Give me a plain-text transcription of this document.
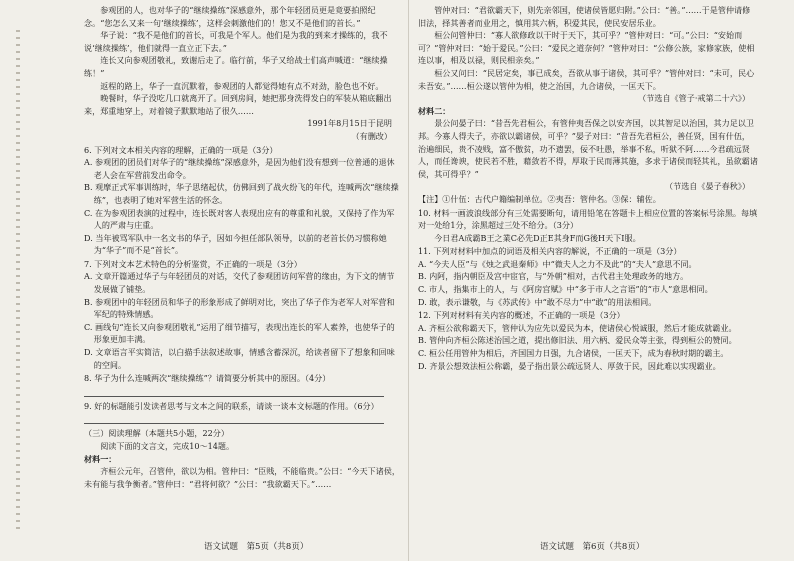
参观团的人，也对华子的“继续操练”深感意外，那个年轻团员更是竟要拍照纪念。“您怎么又来一句‘继续操练’，这样会刺激他们的！您又不是他们的首长。”

华子说：“我不是他们的首长，可我是个军人。他们是为我的到来才操练的，我不说‘继续操练’，他们就得一直立正下去。”

连长又向参观团敬礼，致谢后走了。临行前，华子又给战士们高声喊道：“继续操练！”

返程的路上，华子一直沉默着，参观团的人都觉得她有点不对劲，脸色也不好。

晚餐时，华子没吃几口就离开了。回到房间，她把那身洗得发白的军装从箱底翻出来，郑重地穿上，对着镜子默默地站了很久……

1991年8月15日于昆明

（有删改）

6. 下列对文本相关内容的理解，正确的一项是（3分）

A. 参观团的团员们对华子的“继续操练”深感意外，是因为他们没有想到一位普通的退休老人会在军营前发出命令。

B. 观摩正式军事训练时，华子思绪起伏，仿佛回到了战火纷飞的年代，连喊两次“继续操练”，也表明了她对军营生活的怀念。

C. 在为参观团表演的过程中，连长既对客人表现出应有的尊重和礼貌，又保持了作为军人的严肃与庄重。

D. 当年被骂军队中一名文书的华子，因如今担任部队领导，以前的老首长仍习惯称她为“华子”而不是“首长”。

7. 下列对文本艺术特色的分析鉴赏，不正确的一项是（3分）

A. 文章开篇通过华子与年轻团员的对话，交代了参观团访问军营的缘由，为下文的情节发展做了铺垫。

B. 参观团中的年轻团员和华子的形象形成了鲜明对比，突出了华子作为老军人对军营和军纪的特殊情感。

C. 画线句“连长又向参观团敬礼”运用了细节描写，表现出连长的军人素养，也使华子的形象更加丰满。

D. 文章语言平实简洁，以白描手法叙述故事，情感含蓄深沉，给读者留下了想象和回味的空间。

8. 华子为什么连喊两次“继续操练”？请简要分析其中的原因。（4分）

9. 好的标题能引发读者思考与文本之间的联系，请谈一谈本文标题的作用。（6分）

（三）阅读理解（本题共5小题，22分）

阅读下面的文言文，完成10～14题。

材料一：

齐桓公元年，召管仲，欲以为相。管仲曰：“臣贱，不能临贵。”公曰：“今天下诸侯，未有能与我争衡者。”管仲曰：“君将何欲？”公曰：“我欲霸天下。”……

管仲对曰：“君欲霸天下，则先亲邻国，使诸侯皆愿归附。”公曰：“善。”……于是管仲请修旧法，择其善者而业用之，慎用其六柄，积爱其民，使民安居乐业。

桓公问管仲曰：“寡人欲修政以干时于天下，其可乎？”管仲对曰：“可。”公曰：“安始而可？”管仲对曰：“始于爱民。”公曰：“爱民之道奈何？”管仲对曰：“公修公族，家修家族，使相连以事，相及以禄，则民相亲矣。”

桓公又问曰：“民居定矣，事已成矣，吾欲从事于诸侯，其可乎？”管仲对曰：“未可，民心未吾安。”……桓公遂以管仲为相，使之治国，九合诸侯，一匡天下。

（节选自《管子·戒第二十六》）

材料二：

景公问晏子曰：“昔吾先君桓公，有管仲夷吾保之以安齐国，以其智足以治国，其力足以卫邦。今寡人得夫子，亦欲以霸诸侯，可乎？”晏子对曰：“昔吾先君桓公，善任贤，国有什伍，治遍细民，贵不凌贱，富不傲贫，功不遗罢，佞不吐愚，举事不私，听狱不阿……今君疏远贤人，而任谗谀，使民若不胜，藉敛若不得，厚取于民而薄其施，多求于诸侯而轻其礼，虽欲霸诸侯，其可得乎？”

（节选自《晏子春秋》）

【注】①什伍：古代户籍编制单位。②夷吾：管仲名。③保：辅佐。

10. 材料一画波浪线部分有三处需要断句，请用铅笔在答题卡上相应位置的答案标号涂黑。每填对一处给1分，涂黑超过三处不给分。（3分）

今日君A成霸B王之業C必先D正E其身F而G後H天下I服。

11. 下列对材料中加点的词语及相关内容的解说，不正确的一项是（3分）

A. “今夫人臣”与《烛之武退秦师》中“微夫人之力不及此”的“夫人”意思不同。

B. 内阿，指内朝臣及宫中宦官，与“外朝”相对，古代君主处理政务的地方。

C. 市人，指集市上的人，与《阿房宫赋》中“多于市人之言语”的“市人”意思相同。

D. 敢，表示谦敬，与《苏武传》中“敢不尽力”中“敢”的用法相同。

12. 下列对材料有关内容的概述，不正确的一项是（3分）

A. 齐桓公欲称霸天下，管仲认为应先以爱民为本，使诸侯心悦诚服，然后才能成就霸业。

B. 管仲向齐桓公陈述治国之道，提出修旧法、用六柄、爱民众等主张，得到桓公的赞同。

C. 桓公任用管仲为相后，齐国国力日强，九合诸侯，一匡天下，成为春秋时期的霸主。

D. 齐景公想效法桓公称霸，晏子指出景公疏远贤人、厚敛于民，因此难以实现霸业。

语文试题　第5页（共8页）	语文试题　第6页（共8页）
